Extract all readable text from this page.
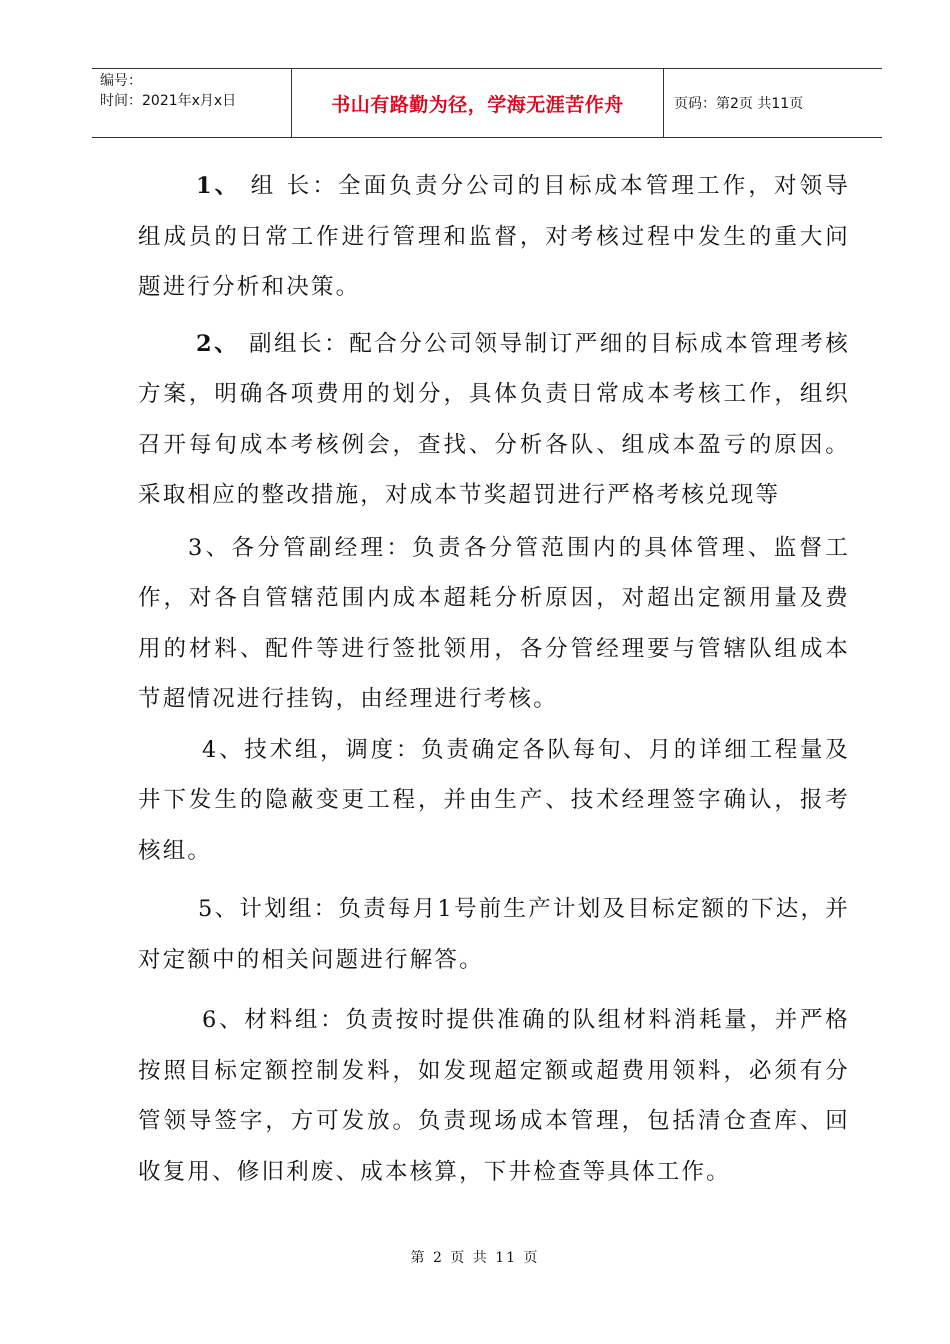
编号：
时间：2021年x月x日	书山有路勤为径，学海无涯苦作舟	页码：第2页 共11页

1、 组 长：全面负责分公司的目标成本管理工作，对领导组成员的日常工作进行管理和监督，对考核过程中发生的重大问题进行分析和决策。

2、 副组长：配合分公司领导制订严细的目标成本管理考核方案，明确各项费用的划分，具体负责日常成本考核工作，组织召开每旬成本考核例会，查找、分析各队、组成本盈亏的原因。采取相应的整改措施，对成本节奖超罚进行严格考核兑现等

3、各分管副经理：负责各分管范围内的具体管理、监督工作，对各自管辖范围内成本超耗分析原因，对超出定额用量及费用的材料、配件等进行签批领用，各分管经理要与管辖队组成本节超情况进行挂钩，由经理进行考核。

4、技术组，调度：负责确定各队每旬、月的详细工程量及井下发生的隐蔽变更工程，并由生产、技术经理签字确认，报考核组。

5、计划组：负责每月1号前生产计划及目标定额的下达，并对定额中的相关问题进行解答。

6、材料组：负责按时提供准确的队组材料消耗量，并严格按照目标定额控制发料，如发现超定额或超费用领料，必须有分管领导签字，方可发放。负责现场成本管理，包括清仓查库、回收复用、修旧利废、成本核算，下井检查等具体工作。

第 2 页 共 11 页
